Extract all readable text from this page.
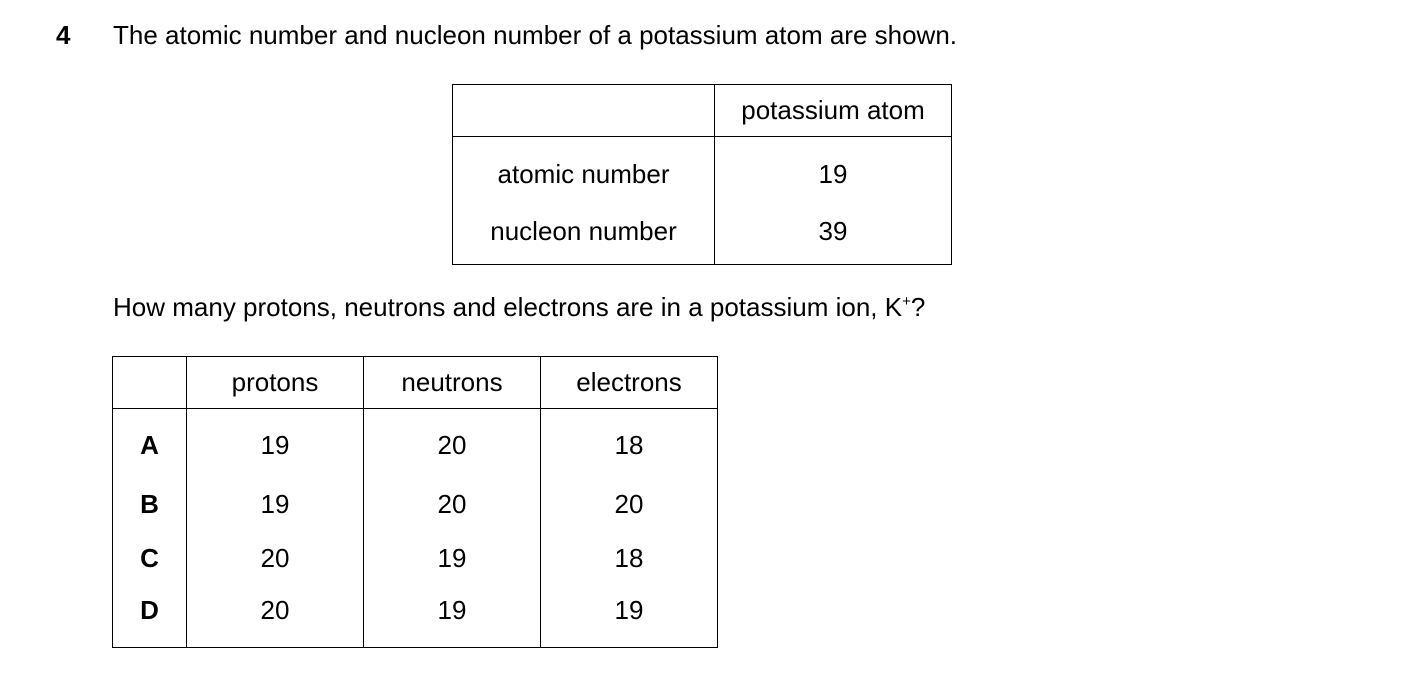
4 The atomic number and nucleon number of a potassium atom are shown.
	potassium atom
atomic number	19
nucleon number	39
How many protons, neutrons and electrons are in a potassium ion, K+?
	protons	neutrons	electrons
A	19	20	18
B	19	20	20
C	20	19	18
D	20	19	19
